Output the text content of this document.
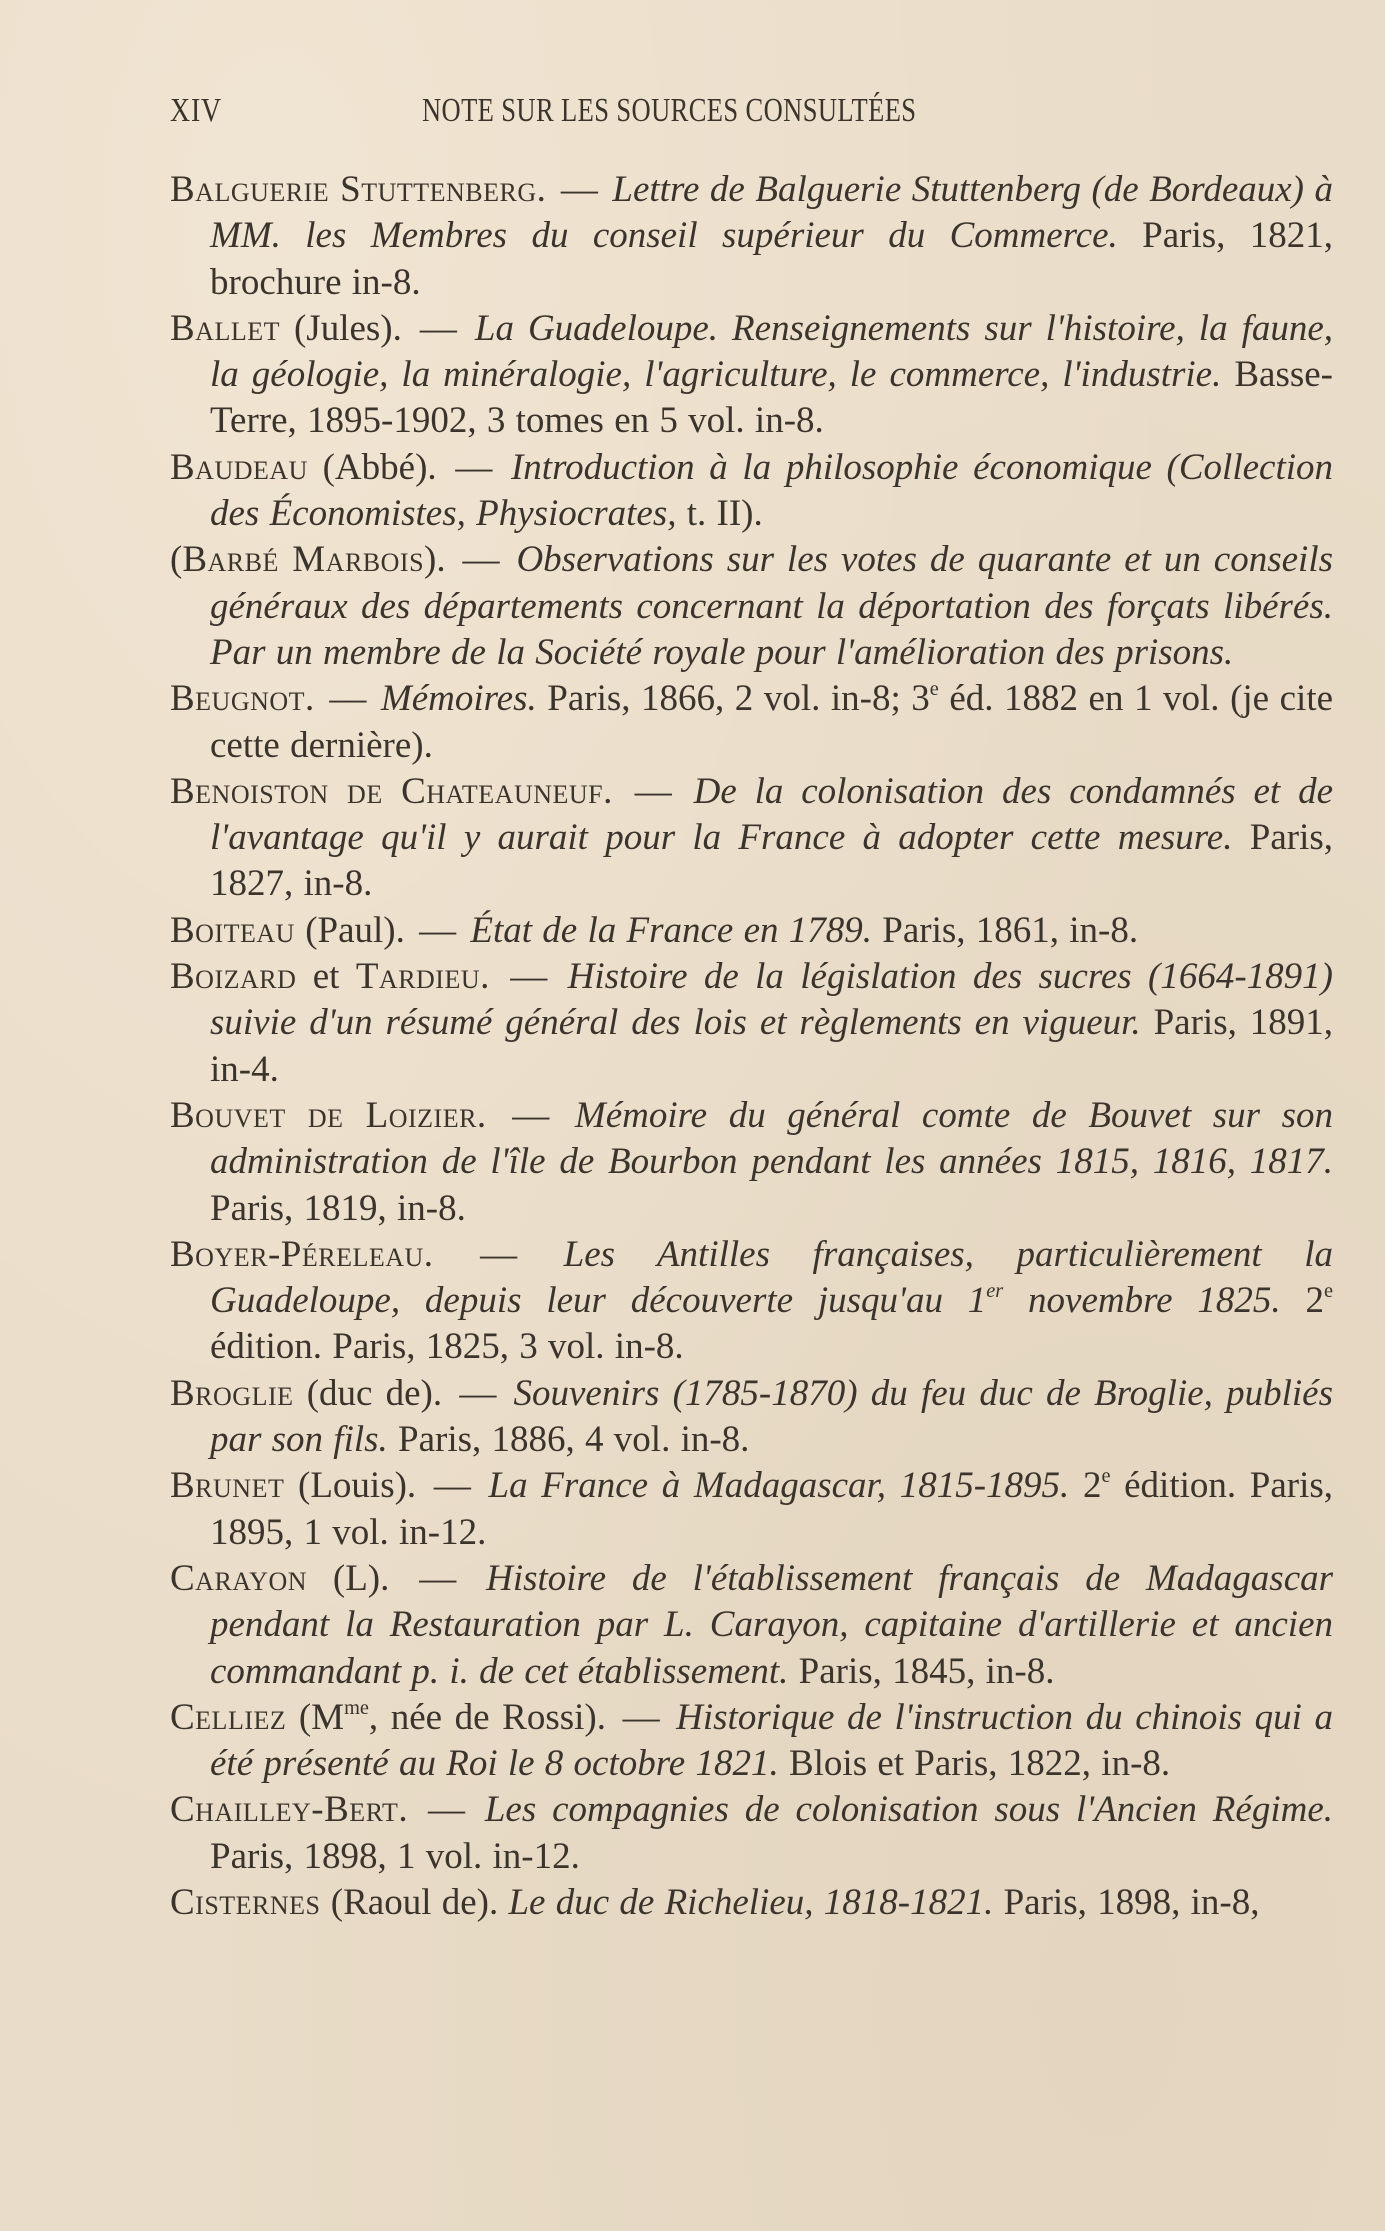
XIV	NOTE SUR LES SOURCES CONSULTÉES

Balguerie Stuttenberg. — Lettre de Balguerie Stuttenberg (de Bordeaux) à MM. les Membres du conseil supérieur du Commerce. Paris, 1821, brochure in-8.

Ballet (Jules). — La Guadeloupe. Renseignements sur l'histoire, la faune, la géologie, la minéralogie, l'agriculture, le commerce, l'industrie. Basse-Terre, 1895-1902, 3 tomes en 5 vol. in-8.

Baudeau (Abbé). — Introduction à la philosophie économique (Collection des Économistes, Physiocrates, t. II).

(Barbé Marbois). — Observations sur les votes de quarante et un conseils généraux des départements concernant la déportation des forçats libérés. Par un membre de la Société royale pour l'amélioration des prisons.

Beugnot. — Mémoires. Paris, 1866, 2 vol. in-8; 3e éd. 1882 en 1 vol. (je cite cette dernière).

Benoiston de Chateauneuf. — De la colonisation des condamnés et de l'avantage qu'il y aurait pour la France à adopter cette mesure. Paris, 1827, in-8.

Boiteau (Paul). — État de la France en 1789. Paris, 1861, in-8.

Boizard et Tardieu. — Histoire de la législation des sucres (1664-1891) suivie d'un résumé général des lois et règlements en vigueur. Paris, 1891, in-4.

Bouvet de Loizier. — Mémoire du général comte de Bouvet sur son administration de l'île de Bourbon pendant les années 1815, 1816, 1817. Paris, 1819, in-8.

Boyer-Péreleau. — Les Antilles françaises, particulièrement la Guadeloupe, depuis leur découverte jusqu'au 1er novembre 1825. 2e édition. Paris, 1825, 3 vol. in-8.

Broglie (duc de). — Souvenirs (1785-1870) du feu duc de Broglie, publiés par son fils. Paris, 1886, 4 vol. in-8.

Brunet (Louis). — La France à Madagascar, 1815-1895. 2e édition. Paris, 1895, 1 vol. in-12.

Carayon (L). — Histoire de l'établissement français de Madagascar pendant la Restauration par L. Carayon, capitaine d'artillerie et ancien commandant p. i. de cet établissement. Paris, 1845, in-8.

Celliez ($M^{me}$, née de Rossi). — Historique de l'instruction du chinois qui a été présenté au Roi le 8 octobre 1821. Blois et Paris, 1822, in-8.

Chailley-Bert. — Les compagnies de colonisation sous l'Ancien Régime. Paris, 1898, 1 vol. in-12.

Cisternes (Raoul de). Le duc de Richelieu, 1818-1821. Paris, 1898, in-8,
